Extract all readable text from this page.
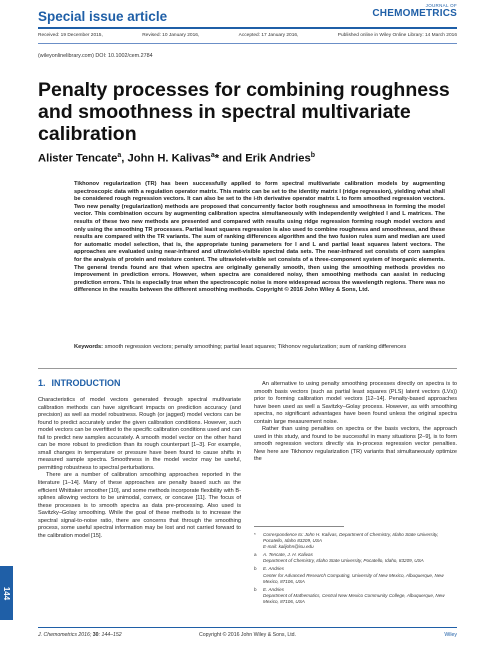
Special issue article
JOURNAL OF
CHEMOMETRICS
Received: 19 December 2015,	Revised: 10 January 2016,	Accepted: 17 January 2016,	Published online in Wiley Online Library: 14 March 2016
(wileyonlinelibrary.com) DOI: 10.1002/cem.2784
Penalty processes for combining roughness and smoothness in spectral multivariate calibration
Alister Tencate$^a$, John H. Kalivas$^a$* and Erik Andries$^b$
Tikhonov regularization (TR) has been successfully applied to form spectral multivariate calibration models by augmenting spectroscopic data with a regulation operator matrix. This matrix can be set to the identity matrix I (ridge regression), yielding what shall be considered rough regression vectors. It can also be set to the i-th derivative operator matrix L to form smoothed regression vectors. Two new penalty (regularization) methods are proposed that concurrently factor both roughness and smoothness in forming the model vector. This combination occurs by augmenting calibration spectra simultaneously with independently weighted I and L matrices. The results of these two new methods are presented and compared with results using ridge regression forming rough model vectors and only using the smoothing TR processes. Partial least squares regression is also used to combine roughness and smoothness, and these results are compared with the TR variants. The sum of ranking differences algorithm and the two fusion rules sum and median are used for automatic model selection, that is, the appropriate tuning parameters for I and L and partial least squares latent vectors. The approaches are evaluated using near-infrared and ultraviolet-visible spectral data sets. The near-infrared set consists of corn samples for the analysis of protein and moisture content. The ultraviolet-visible set consists of a three-component system of inorganic elements. The general trends found are that when spectra are originally generally smooth, then using the smoothing methods provides no improvement in prediction errors. However, when spectra are considered noisy, then smoothing methods can assist in reducing prediction errors. This is especially true when the spectroscopic noise is more widespread across the wavelength regions. There was no difference in the results between the different smoothing methods. Copyright © 2016 John Wiley & Sons, Ltd.
Keywords: smooth regression vectors; penalty smoothing; partial least squares; Tikhonov regularization; sum of ranking differences
1. INTRODUCTION

Characteristics of model vectors generated through spectral multivariate calibration methods can have significant impacts on prediction accuracy (and precision) as well as model robustness. Rough (or jagged) model vectors can be found to predict accurately under the given calibration conditions. However, such model vectors can be overfitted to the specific calibration conditions used and can fail to predict new samples accurately. A smooth model vector on the other hand can be more robust to prediction than its rough counterpart [1–3]. For example, small changes in temperature or pressure have been found to cause shifts in measured sample spectra. Smoothness in the model vector may be useful, permitting robustness to spectral perturbations.

There are a number of calibration smoothing approaches reported in the literature [1–14]. Many of these approaches are penalty based such as the efficient Whittaker smoother [10], and some methods incorporate flexibility with B-splines allowing vectors to be unimodal, convex, or concave [11]. The focus of these processes is to smooth spectra as data pre-processing. Also used is Savitzky–Golay smoothing. While the goal of these methods is to increase the spectral signal-to-noise ratio, there are concerns that through the smoothing process, some useful spectral information may be lost and not carried forward to the calibration model [15].

An alternative to using penalty smoothing processes directly on spectra is to smooth basis vectors (such as partial least squares (PLS) latent vectors (LVs)) prior to forming calibration model vectors [12–14]. Penalty-based approaches have been used as well a Savitzky–Golay process. However, as with smoothing spectra, no significant advantages have been found unless the original spectra contain large measurement noise.

Rather than using penalties on spectra or the basis vectors, the approach used in this study, and found to be successful in many situations [2–9], is to form smooth regression vectors directly via in-process regression vector penalties. New here are Tikhonov regularization (TR) variants that simultaneously optimize the

*	Correspondence to: John H. Kalivas, Department of Chemistry, Idaho State University, Pocatello, Idaho 83209, USA
E-mail: kalijohn@isu.edu
a	A. Tencate, J. H. Kalivas
Department of Chemistry, Idaho State University, Pocatello, Idaho, 83209, USA
b	E. Andries
Center for Advanced Research Computing, University of New Mexico, Albuquerque, New Mexico, 87106, USA
b	E. Andries
Department of Mathematics, Central New Mexico Community College, Albuquerque, New Mexico, 87106, USA
144
J. Chemometrics 2016; 30: 144–152	Copyright © 2016 John Wiley & Sons, Ltd.	Wiley
